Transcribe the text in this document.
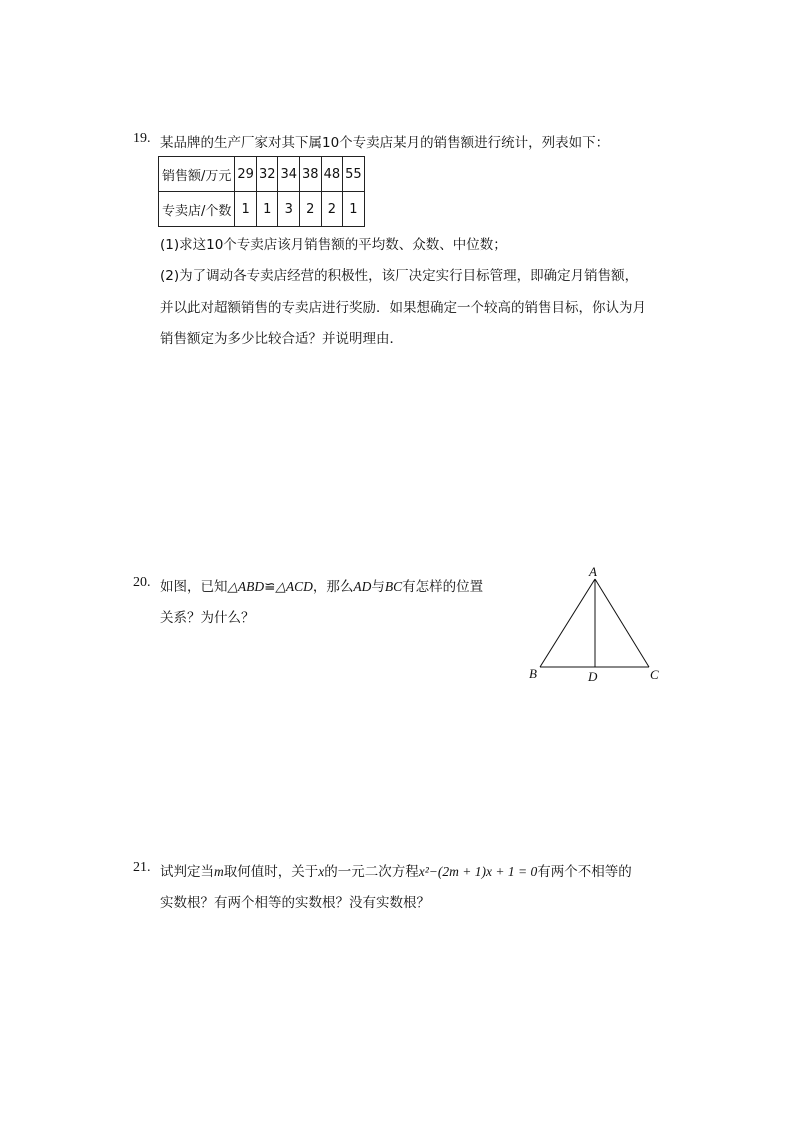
19. 某品牌的生产厂家对其下属10个专卖店某月的销售额进行统计，列表如下：
销售额/万元	29	32	34	38	48	55
专卖店/个数	1	1	3	2	2	1
(1)求这10个专卖店该月销售额的平均数、众数、中位数；
(2)为了调动各专卖店经营的积极性，该厂决定实行目标管理，即确定月销售额，
并以此对超额销售的专卖店进行奖励．如果想确定一个较高的销售目标，你认为月
销售额定为多少比较合适？并说明理由．
20. 如图，已知△ABD≌△ACD，那么AD与BC有怎样的位置
关系？为什么？
A
B	C
D
21. 试判定当m取何值时，关于x的一元二次方程x²−(2m + 1)x + 1 = 0有两个不相等的
实数根？有两个相等的实数根？没有实数根？
